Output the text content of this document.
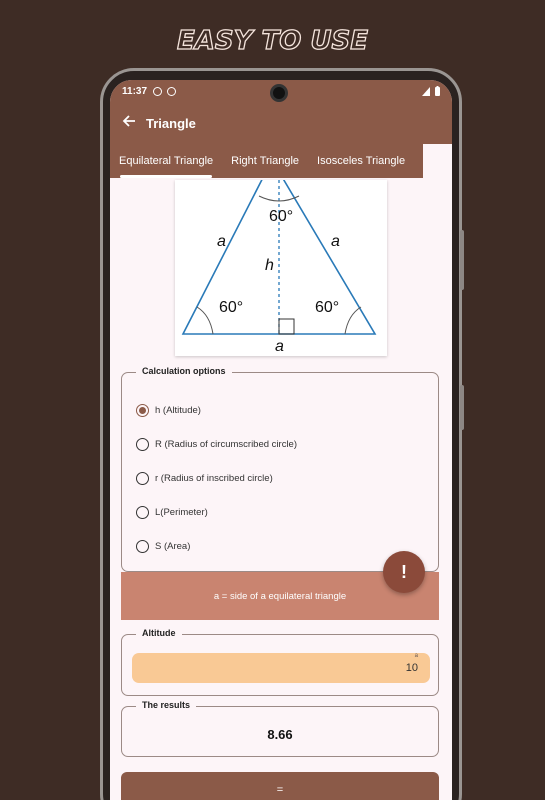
EASY TO USE
11:37
Triangle
Equilateral Triangle	Right Triangle	Isosceles Triangle
60°
60°	60°
a	a
h
a
Calculation options
h (Altitude)
R (Radius of circumscribed circle)
r (Radius of inscribed circle)
L(Perimeter)
S (Area)
a = side of a equilateral triangle
!
Altitude
a
10
The results
8.66
=
